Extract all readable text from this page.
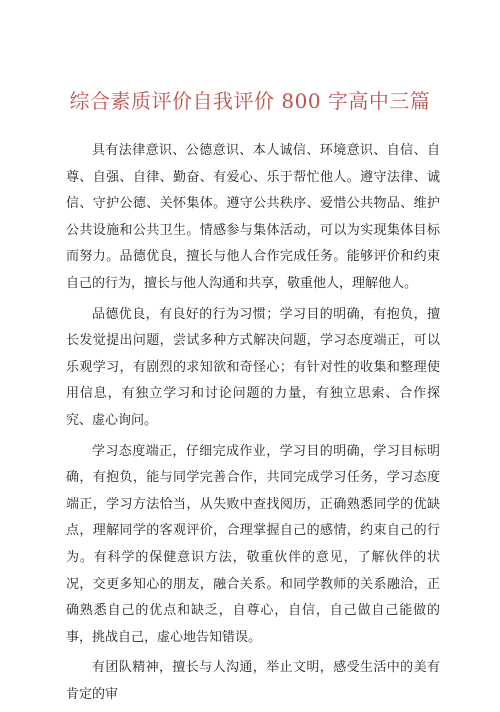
综合素质评价自我评价 800 字高中三篇

具有法律意识、公德意识、本人诚信、环境意识、自信、自尊、自强、自律、勤奋、有爱心、乐于帮忙他人。遵守法律、诚信、守护公德、关怀集体。遵守公共秩序、爱惜公共物品、维护公共设施和公共卫生。情感参与集体活动，可以为实现集体目标而努力。品德优良，擅长与他人合作完成任务。能够评价和约束自己的行为，擅长与他人沟通和共享，敬重他人，理解他人。

品德优良，有良好的行为习惯；学习目的明确，有抱负，擅长发觉提出问题，尝试多种方式解决问题，学习态度端正，可以乐观学习，有剧烈的求知欲和奇怪心；有针对性的收集和整理使用信息，有独立学习和讨论问题的力量，有独立思索、合作探究、虚心询问。

学习态度端正，仔细完成作业，学习目的明确，学习目标明确，有抱负，能与同学完善合作，共同完成学习任务，学习态度端正，学习方法恰当，从失败中查找阅历，正确熟悉同学的优缺点，理解同学的客观评价，合理掌握自己的感情，约束自己的行为。有科学的保健意识方法，敬重伙伴的意见，了解伙伴的状况，交更多知心的朋友，融合关系。和同学教师的关系融洽，正确熟悉自己的优点和缺乏，自尊心，自信，自己做自己能做的事，挑战自己，虚心地告知错误。

有团队精神，擅长与人沟通，举止文明，感受生活中的美有肯定的审
